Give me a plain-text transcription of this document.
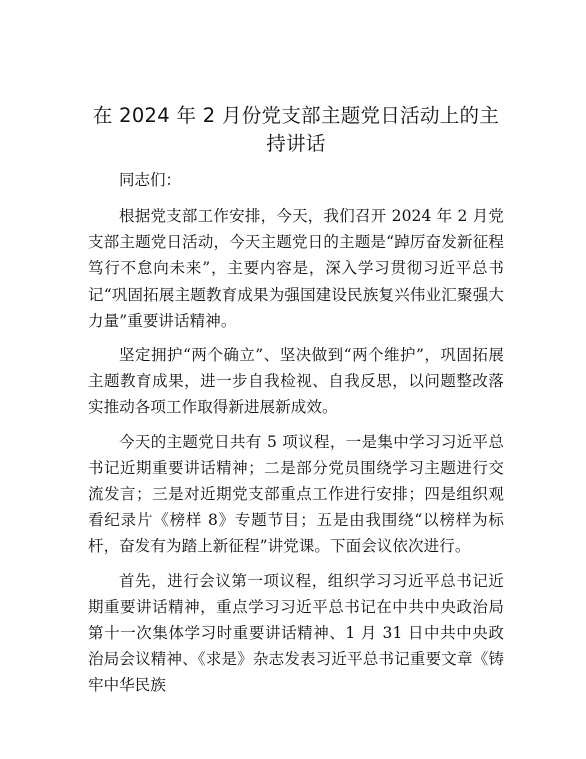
在 2024 年 2 月份党支部主题党日活动上的主持讲话

同志们：

根据党支部工作安排，今天，我们召开 2024 年 2 月党支部主题党日活动，今天主题党日的主题是“踔厉奋发新征程笃行不怠向未来”，主要内容是，深入学习贯彻习近平总书记“巩固拓展主题教育成果为强国建设民族复兴伟业汇聚强大力量”重要讲话精神。

坚定拥护“两个确立”、坚决做到“两个维护”，巩固拓展主题教育成果，进一步自我检视、自我反思，以问题整改落实推动各项工作取得新进展新成效。

今天的主题党日共有 5 项议程，一是集中学习习近平总书记近期重要讲话精神；二是部分党员围绕学习主题进行交流发言；三是对近期党支部重点工作进行安排；四是组织观看纪录片《榜样 8》专题节目；五是由我围绕“以榜样为标杆，奋发有为踏上新征程”讲党课。下面会议依次进行。

首先，进行会议第一项议程，组织学习习近平总书记近期重要讲话精神，重点学习习近平总书记在中共中央政治局第十一次集体学习时重要讲话精神、1 月 31 日中共中央政治局会议精神、《求是》杂志发表习近平总书记重要文章《铸牢中华民族
